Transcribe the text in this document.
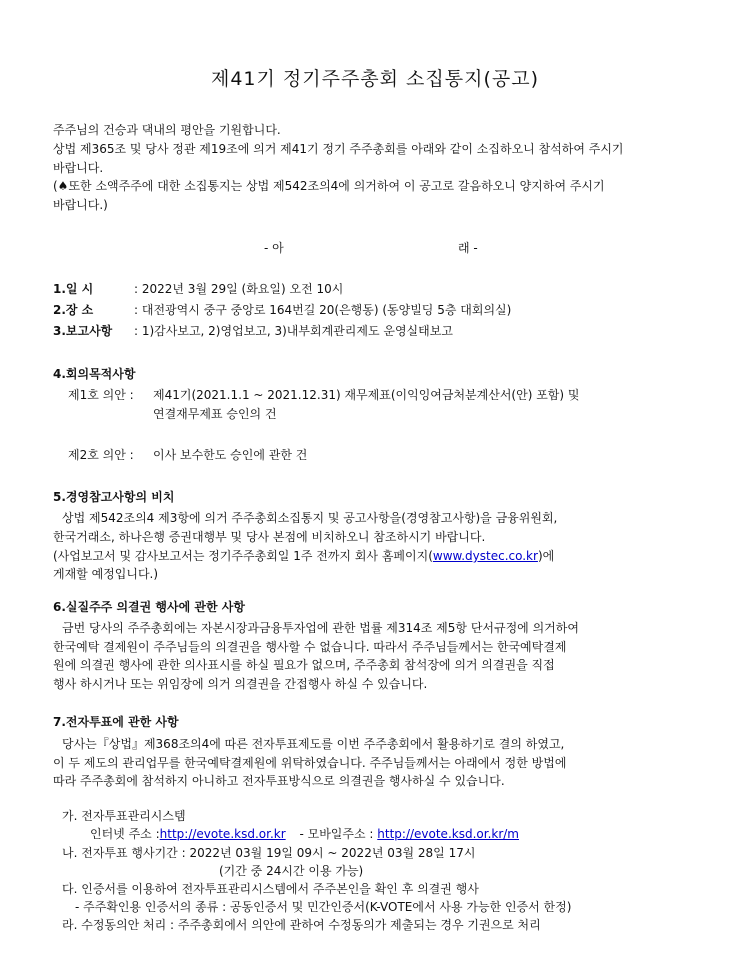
제41기 정기주주총회 소집통지(공고)
주주님의 건승과 댁내의 평안을 기원합니다.
상법 제365조 및 당사 정관 제19조에 의거 제41기 정기 주주총회를 아래와 같이 소집하오니 참석하여 주시기
바랍니다.
(♠또한 소액주주에 대한 소집통지는 상법 제542조의4에 의거하여 이 공고로 갈음하오니 양지하여 주시기
바랍니다.)
- 아	래 -
1.일 시	: 2022년 3월 29일 (화요일) 오전 10시
2.장 소	: 대전광역시 중구 중앙로 164번길 20(은행동) (동양빌딩 5층 대회의실)
3.보고사항 : 1)감사보고, 2)영업보고, 3)내부회계관리제도 운영실태보고
4.회의목적사항
제1호 의안 : 제41기(2021.1.1 ~ 2021.12.31) 재무제표(이익잉여금처분계산서(안) 포함) 및
연결재무제표 승인의 건
제2호 의안 : 이사 보수한도 승인에 관한 건
5.경영참고사항의 비치
상법 제542조의4 제3항에 의거 주주총회소집통지 및 공고사항을(경영참고사항)을 금융위원회,
한국거래소, 하나은행 증권대행부 및 당사 본점에 비치하오니 참조하시기 바랍니다.
(사업보고서 및 감사보고서는 정기주주총회일 1주 전까지 회사 홈페이지(www.dystec.co.kr)에
게재할 예정입니다.)
6.실질주주 의결권 행사에 관한 사항
금번 당사의 주주총회에는 자본시장과금융투자업에 관한 법률 제314조 제5항 단서규정에 의거하여
한국예탁 결제원이 주주님들의 의결권을 행사할 수 없습니다. 따라서 주주님들께서는 한국예탁결제
원에 의결권 행사에 관한 의사표시를 하실 필요가 없으며, 주주총회 참석장에 의거 의결권을 직접
행사 하시거나 또는 위임장에 의거 의결권을 간접행사 하실 수 있습니다.
7.전자투표에 관한 사항
당사는『상법』제368조의4에 따른 전자투표제도를 이번 주주총회에서 활용하기로 결의 하였고,
이 두 제도의 관리업무를 한국예탁결제원에 위탁하였습니다. 주주님들께서는 아래에서 정한 방법에
따라 주주총회에 참석하지 아니하고 전자투표방식으로 의결권을 행사하실 수 있습니다.
가. 전자투표관리시스템
인터넷 주소 :http://evote.ksd.or.kr - 모바일주소 : http://evote.ksd.or.kr/m
나. 전자투표 행사기간 : 2022년 03월 19일 09시 ~ 2022년 03월 28일 17시
(기간 중 24시간 이용 가능)
다. 인증서를 이용하여 전자투표관리시스템에서 주주본인을 확인 후 의결권 행사
- 주주확인용 인증서의 종류 : 공동인증서 및 민간인증서(K-VOTE에서 사용 가능한 인증서 한정)
라. 수정동의안 처리 : 주주총회에서 의안에 관하여 수정동의가 제출되는 경우 기권으로 처리
